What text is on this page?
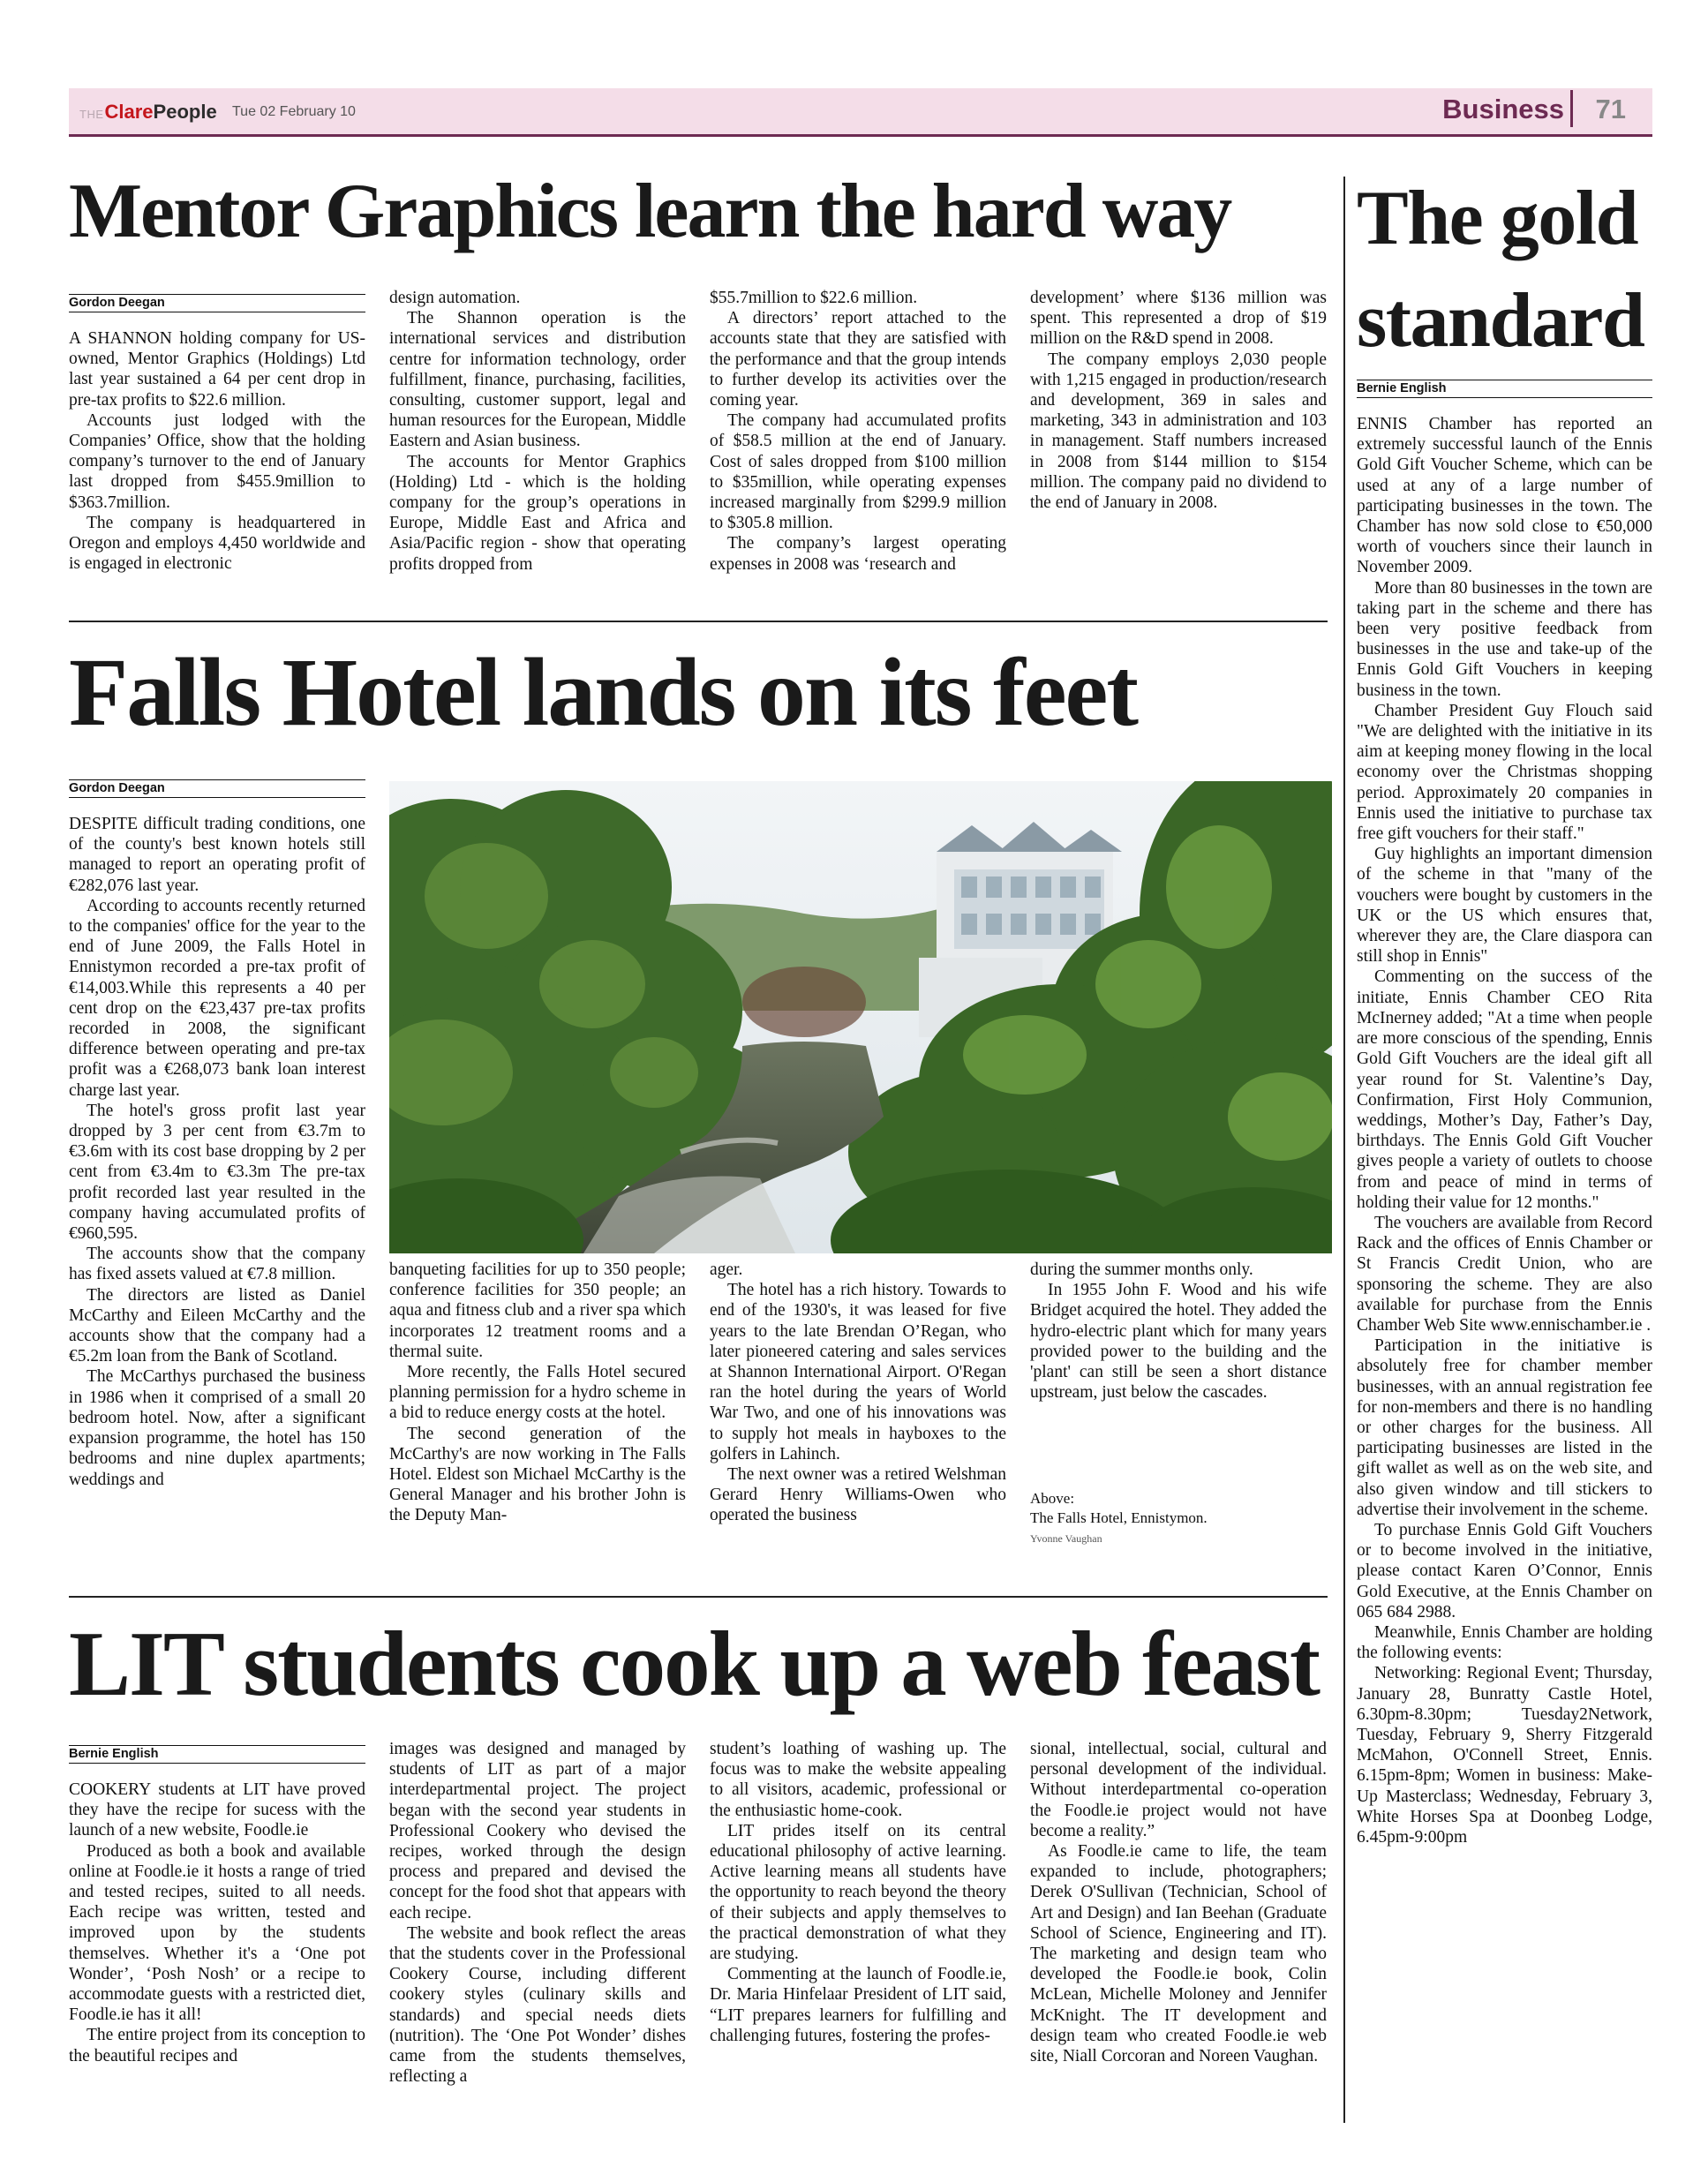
THEClarePeople Tue 02 February 10	Business 71
Mentor Graphics learn the hard way
Gordon Deegan

A SHANNON holding company for US-owned, Mentor Graphics (Holdings) Ltd last year sustained a 64 per cent drop in pre-tax profits to $22.6 million.

Accounts just lodged with the Companies’ Office, show that the holding company’s turnover to the end of January last dropped from $455.9million to $363.7million.

The company is headquartered in Oregon and employs 4,450 worldwide and is engaged in electronic

design automation.

The Shannon operation is the international services and distribution centre for information technology, order fulfillment, finance, purchasing, facilities, consulting, customer support, legal and human resources for the European, Middle Eastern and Asian business.

The accounts for Mentor Graphics (Holding) Ltd - which is the holding company for the group’s operations in Europe, Middle East and Africa and Asia/Pacific region - show that operating profits dropped from

$55.7million to $22.6 million.

A directors’ report attached to the accounts state that they are satisfied with the performance and that the group intends to further develop its activities over the coming year.

The company had accumulated profits of $58.5 million at the end of January. Cost of sales dropped from $100 million to $35million, while operating expenses increased marginally from $299.9 million to $305.8 million.

The company’s largest operating expenses in 2008 was ‘research and

development’ where $136 million was spent. This represented a drop of $19 million on the R&D spend in 2008.

The company employs 2,030 people with 1,215 engaged in production/research and development, 369 in sales and marketing, 343 in administration and 103 in management. Staff numbers increased in 2008 from $144 million to $154 million. The company paid no dividend to the end of January in 2008.

Falls Hotel lands on its feet
Gordon Deegan

DESPITE difficult trading conditions, one of the county's best known hotels still managed to report an operating profit of €282,076 last year.

According to accounts recently returned to the companies' office for the year to the end of June 2009, the Falls Hotel in Ennistymon recorded a pre-tax profit of €14,003.While this represents a 40 per cent drop on the €23,437 pre-tax profits recorded in 2008, the significant difference between operating and pre-tax profit was a €268,073 bank loan interest charge last year.

The hotel's gross profit last year dropped by 3 per cent from €3.7m to €3.6m with its cost base dropping by 2 per cent from €3.4m to €3.3m The pre-tax profit recorded last year resulted in the company having accumulated profits of €960,595.

The accounts show that the company has fixed assets valued at €7.8 million.

The directors are listed as Daniel McCarthy and Eileen McCarthy and the accounts show that the company had a €5.2m loan from the Bank of Scotland.

The McCarthys purchased the business in 1986 when it comprised of a small 20 bedroom hotel. Now, after a significant expansion programme, the hotel has 150 bedrooms and nine duplex apartments; weddings and

banqueting facilities for up to 350 people; conference facilities for 350 people; an aqua and fitness club and a river spa which incorporates 12 treatment rooms and a thermal suite.

More recently, the Falls Hotel secured planning permission for a hydro scheme in a bid to reduce energy costs at the hotel.

The second generation of the McCarthy's are now working in The Falls Hotel. Eldest son Michael McCarthy is the General Manager and his brother John is the Deputy Man-

ager.

The hotel has a rich history. Towards to end of the 1930's, it was leased for five years to the late Brendan O’Regan, who later pioneered catering and sales services at Shannon International Airport. O'Regan ran the hotel during the years of World War Two, and one of his innovations was to supply hot meals in hayboxes to the golfers in Lahinch.

The next owner was a retired Welshman Gerard Henry Williams-Owen who operated the business

during the summer months only.

In 1955 John F. Wood and his wife Bridget acquired the hotel. They added the hydro-electric plant which for many years provided power to the building and the 'plant' can still be seen a short distance upstream, just below the cascades.

Above:
The Falls Hotel, Ennistymon.
Yvonne Vaughan
LIT students cook up a web feast
Bernie English

COOKERY students at LIT have proved they have the recipe for sucess with the launch of a new website, Foodle.ie

Produced as both a book and available online at Foodle.ie it hosts a range of tried and tested recipes, suited to all needs. Each recipe was written, tested and improved upon by the students themselves. Whether it's a ‘One pot Wonder’, ‘Posh Nosh’ or a recipe to accommodate guests with a restricted diet, Foodle.ie has it all!

The entire project from its conception to the beautiful recipes and

images was designed and managed by students of LIT as part of a major interdepartmental project. The project began with the second year students in Professional Cookery who devised the recipes, worked through the design process and prepared and devised the concept for the food shot that appears with each recipe.

The website and book reflect the areas that the students cover in the Professional Cookery Course, including different cookery styles (culinary skills and standards) and special needs diets (nutrition). The ‘One Pot Wonder’ dishes came from the students themselves, reflecting a

student’s loathing of washing up. The focus was to make the website appealing to all visitors, academic, professional or the enthusiastic home-cook.

LIT prides itself on its central educational philosophy of active learning. Active learning means all students have the opportunity to reach beyond the theory of their subjects and apply themselves to the practical demonstration of what they are studying.

Commenting at the launch of Foodle.ie, Dr. Maria Hinfelaar President of LIT said, “LIT prepares learners for fulfilling and challenging futures, fostering the profes-

sional, intellectual, social, cultural and personal development of the individual. Without interdepartmental co-operation the Foodle.ie project would not have become a reality.”

As Foodle.ie came to life, the team expanded to include, photographers; Derek O'Sullivan (Technician, School of Art and Design) and Ian Beehan (Graduate School of Science, Engineering and IT). The marketing and design team who developed the Foodle.ie book, Colin McLean, Michelle Moloney and Jennifer McKnight. The IT development and design team who created Foodle.ie web site, Niall Corcoran and Noreen Vaughan.

The gold
standard
Bernie English

ENNIS Chamber has reported an extremely successful launch of the Ennis Gold Gift Voucher Scheme, which can be used at any of a large number of participating businesses in the town. The Chamber has now sold close to €50,000 worth of vouchers since their launch in November 2009.

More than 80 businesses in the town are taking part in the scheme and there has been very positive feedback from businesses in the use and take-up of the Ennis Gold Gift Vouchers in keeping business in the town.

Chamber President Guy Flouch said "We are delighted with the initiative in its aim at keeping money flowing in the local economy over the Christmas shopping period. Approximately 20 companies in Ennis used the initiative to purchase tax free gift vouchers for their staff."

Guy highlights an important dimension of the scheme in that "many of the vouchers were bought by customers in the UK or the US which ensures that, wherever they are, the Clare diaspora can still shop in Ennis"

Commenting on the success of the initiate, Ennis Chamber CEO Rita McInerney added; "At a time when people are more conscious of the spending, Ennis Gold Gift Vouchers are the ideal gift all year round for St. Valentine’s Day, Confirmation, First Holy Communion, weddings, Mother’s Day, Father’s Day, birthdays. The Ennis Gold Gift Voucher gives people a variety of outlets to choose from and peace of mind in terms of holding their value for 12 months."

The vouchers are available from Record Rack and the offices of Ennis Chamber or St Francis Credit Union, who are sponsoring the scheme. They are also available for purchase from the Ennis Chamber Web Site www.ennischamber.ie .

Participation in the initiative is absolutely free for chamber member businesses, with an annual registration fee for non-members and there is no handling or other charges for the business. All participating businesses are listed in the gift wallet as well as on the web site, and also given window and till stickers to advertise their involvement in the scheme.

To purchase Ennis Gold Gift Vouchers or to become involved in the initiative, please contact Karen O’Connor, Ennis Gold Executive, at the Ennis Chamber on 065 684 2988.

Meanwhile, Ennis Chamber are holding the following events:

Networking: Regional Event; Thursday, January 28, Bunratty Castle Hotel, 6.30pm-8.30pm; Tuesday2Network, Tuesday, February 9, Sherry Fitzgerald McMahon, O'Connell Street, Ennis. 6.15pm-8pm; Women in business: Make-Up Masterclass; Wednesday, February 3, White Horses Spa at Doonbeg Lodge, 6.45pm-9:00pm
